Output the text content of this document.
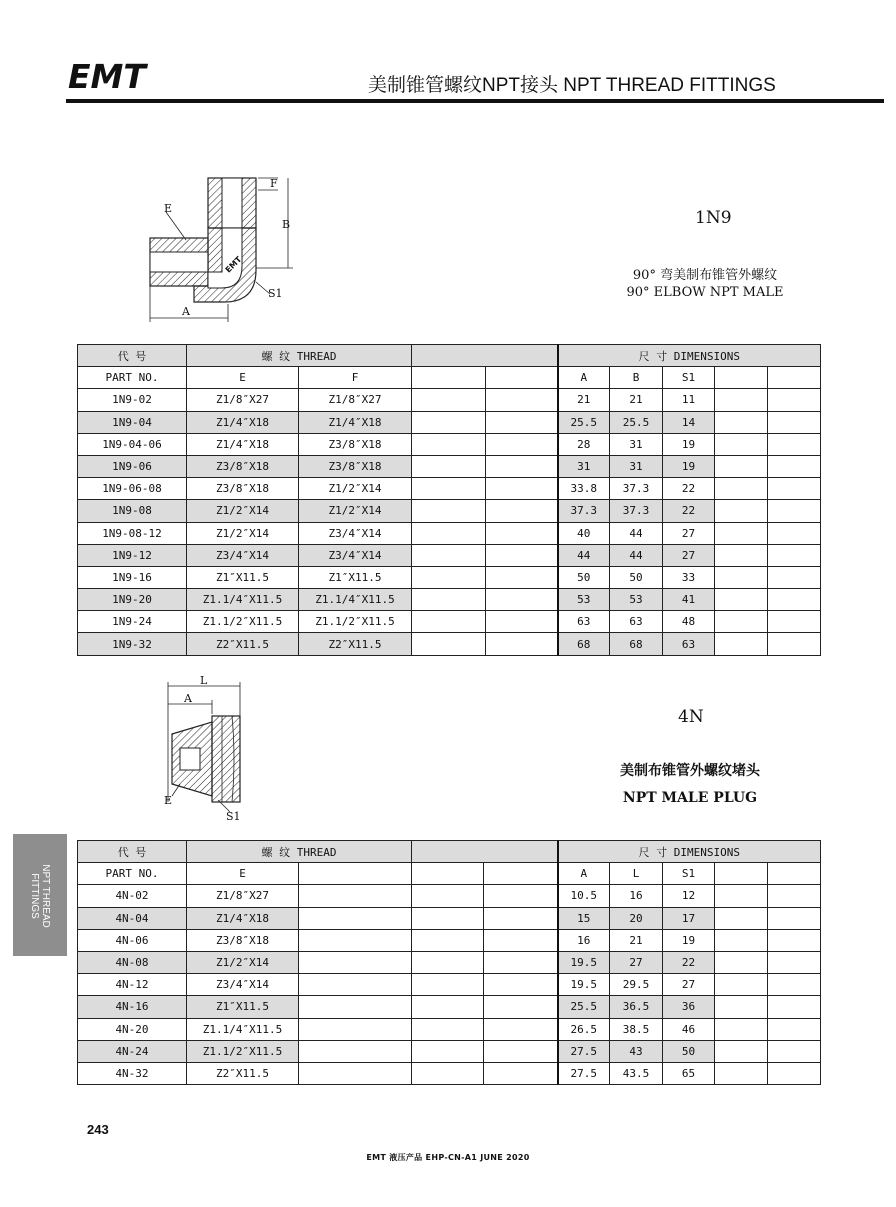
EMT	美制锥管螺纹NPT接头 NPT THREAD FITTINGS
E
F
B
S1
A
EMT
1N9
90° 弯美制布锥管外螺纹
90° ELBOW NPT MALE
代 号	螺 纹 THREAD				尺 寸 DIMENSIONS				
PART NO.	E	F			A	B	S1		
1N9-02	Z1/8″X27	Z1/8″X27			21	21	11		
1N9-04	Z1/4″X18	Z1/4″X18			25.5	25.5	14		
1N9-04-06	Z1/4″X18	Z3/8″X18			28	31	19		
1N9-06	Z3/8″X18	Z3/8″X18			31	31	19		
1N9-06-08	Z3/8″X18	Z1/2″X14			33.8	37.3	22		
1N9-08	Z1/2″X14	Z1/2″X14			37.3	37.3	22		
1N9-08-12	Z1/2″X14	Z3/4″X14			40	44	27		
1N9-12	Z3/4″X14	Z3/4″X14			44	44	27		
1N9-16	Z1″X11.5	Z1″X11.5			50	50	33		
1N9-20	Z1.1/4″X11.5	Z1.1/4″X11.5			53	53	41		
1N9-24	Z1.1/2″X11.5	Z1.1/2″X11.5			63	63	48		
1N9-32	Z2″X11.5	Z2″X11.5			68	68	63		
L
A
E
S1
4N
美制布锥管外螺纹堵头
NPT MALE PLUG
代 号	螺 纹 THREAD				尺 寸 DIMENSIONS				
PART NO.	E				A	L	S1		
4N-02	Z1/8″X27				10.5	16	12		
4N-04	Z1/4″X18				15	20	17		
4N-06	Z3/8″X18				16	21	19		
4N-08	Z1/2″X14				19.5	27	22		
4N-12	Z3/4″X14				19.5	29.5	27		
4N-16	Z1″X11.5				25.5	36.5	36		
4N-20	Z1.1/4″X11.5				26.5	38.5	46		
4N-24	Z1.1/2″X11.5				27.5	43	50		
4N-32	Z2″X11.5				27.5	43.5	65		
NPT THREAD
FITTINGS
243
EMT 液压产品 EHP-CN-A1 JUNE 2020
